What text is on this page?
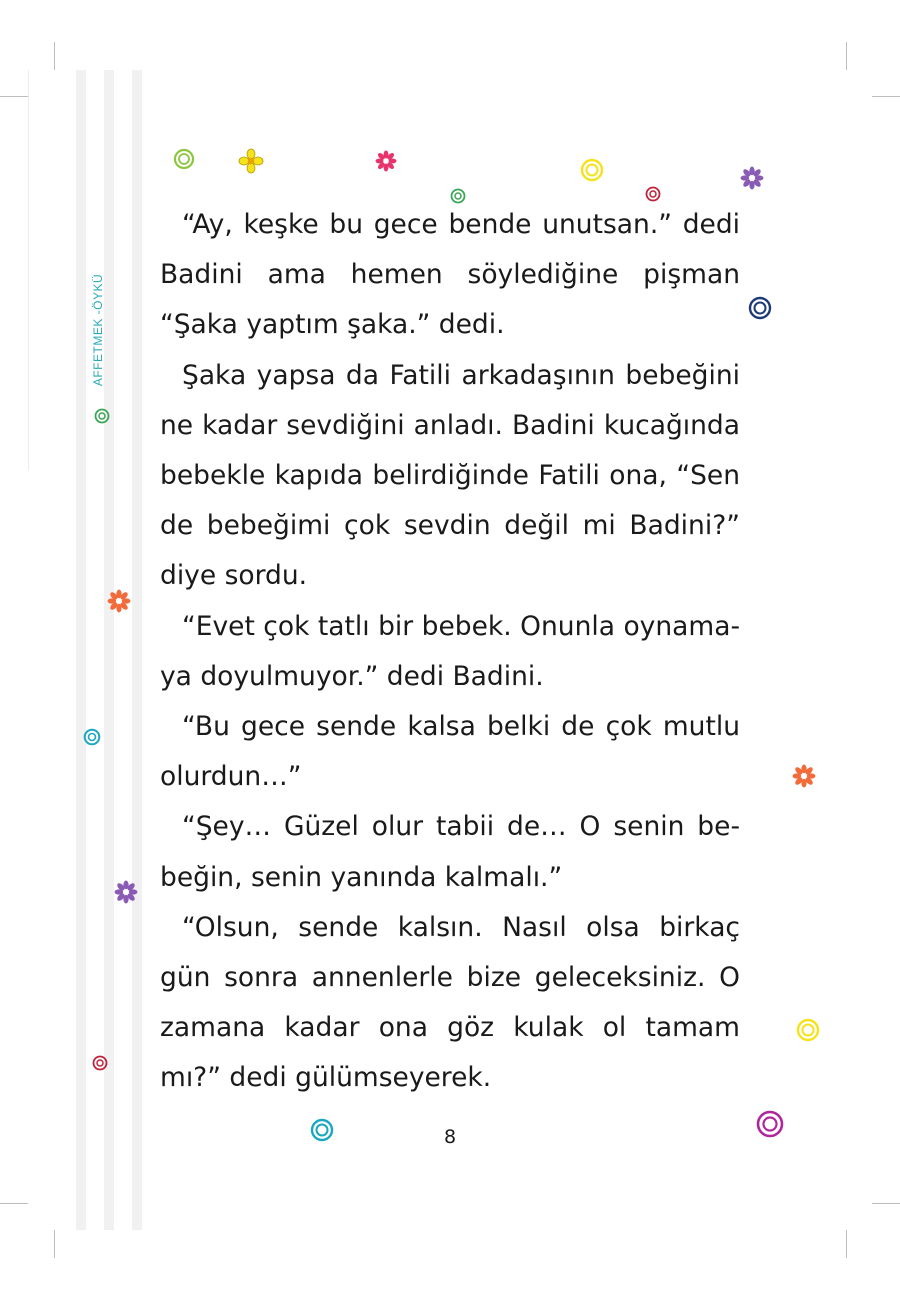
AFFETMEK -ÖYKÜ

“Ay, keşke bu gece bende unutsan.” dedi Badini ama hemen söylediğine pişman “Şaka yaptım şaka.” dedi.

Şaka yapsa da Fatili arkadaşının bebeğini ne kadar sevdiğini anladı. Badini kucağında bebekle kapıda belirdiğinde Fatili ona, “Sen de bebeğimi çok sevdin değil mi Badini?” diye sordu.

“Evet çok tatlı bir bebek. Onunla oynamaya doyulmuyor.” dedi Badini.

“Bu gece sende kalsa belki de çok mutlu olurdun…”

“Şey… Güzel olur tabii de… O senin bebeğin, senin yanında kalmalı.”

“Olsun, sende kalsın. Nasıl olsa birkaç gün sonra annenlerle bize geleceksiniz. O zamana kadar ona göz kulak ol tamam mı?” dedi gülümseyerek.

8
